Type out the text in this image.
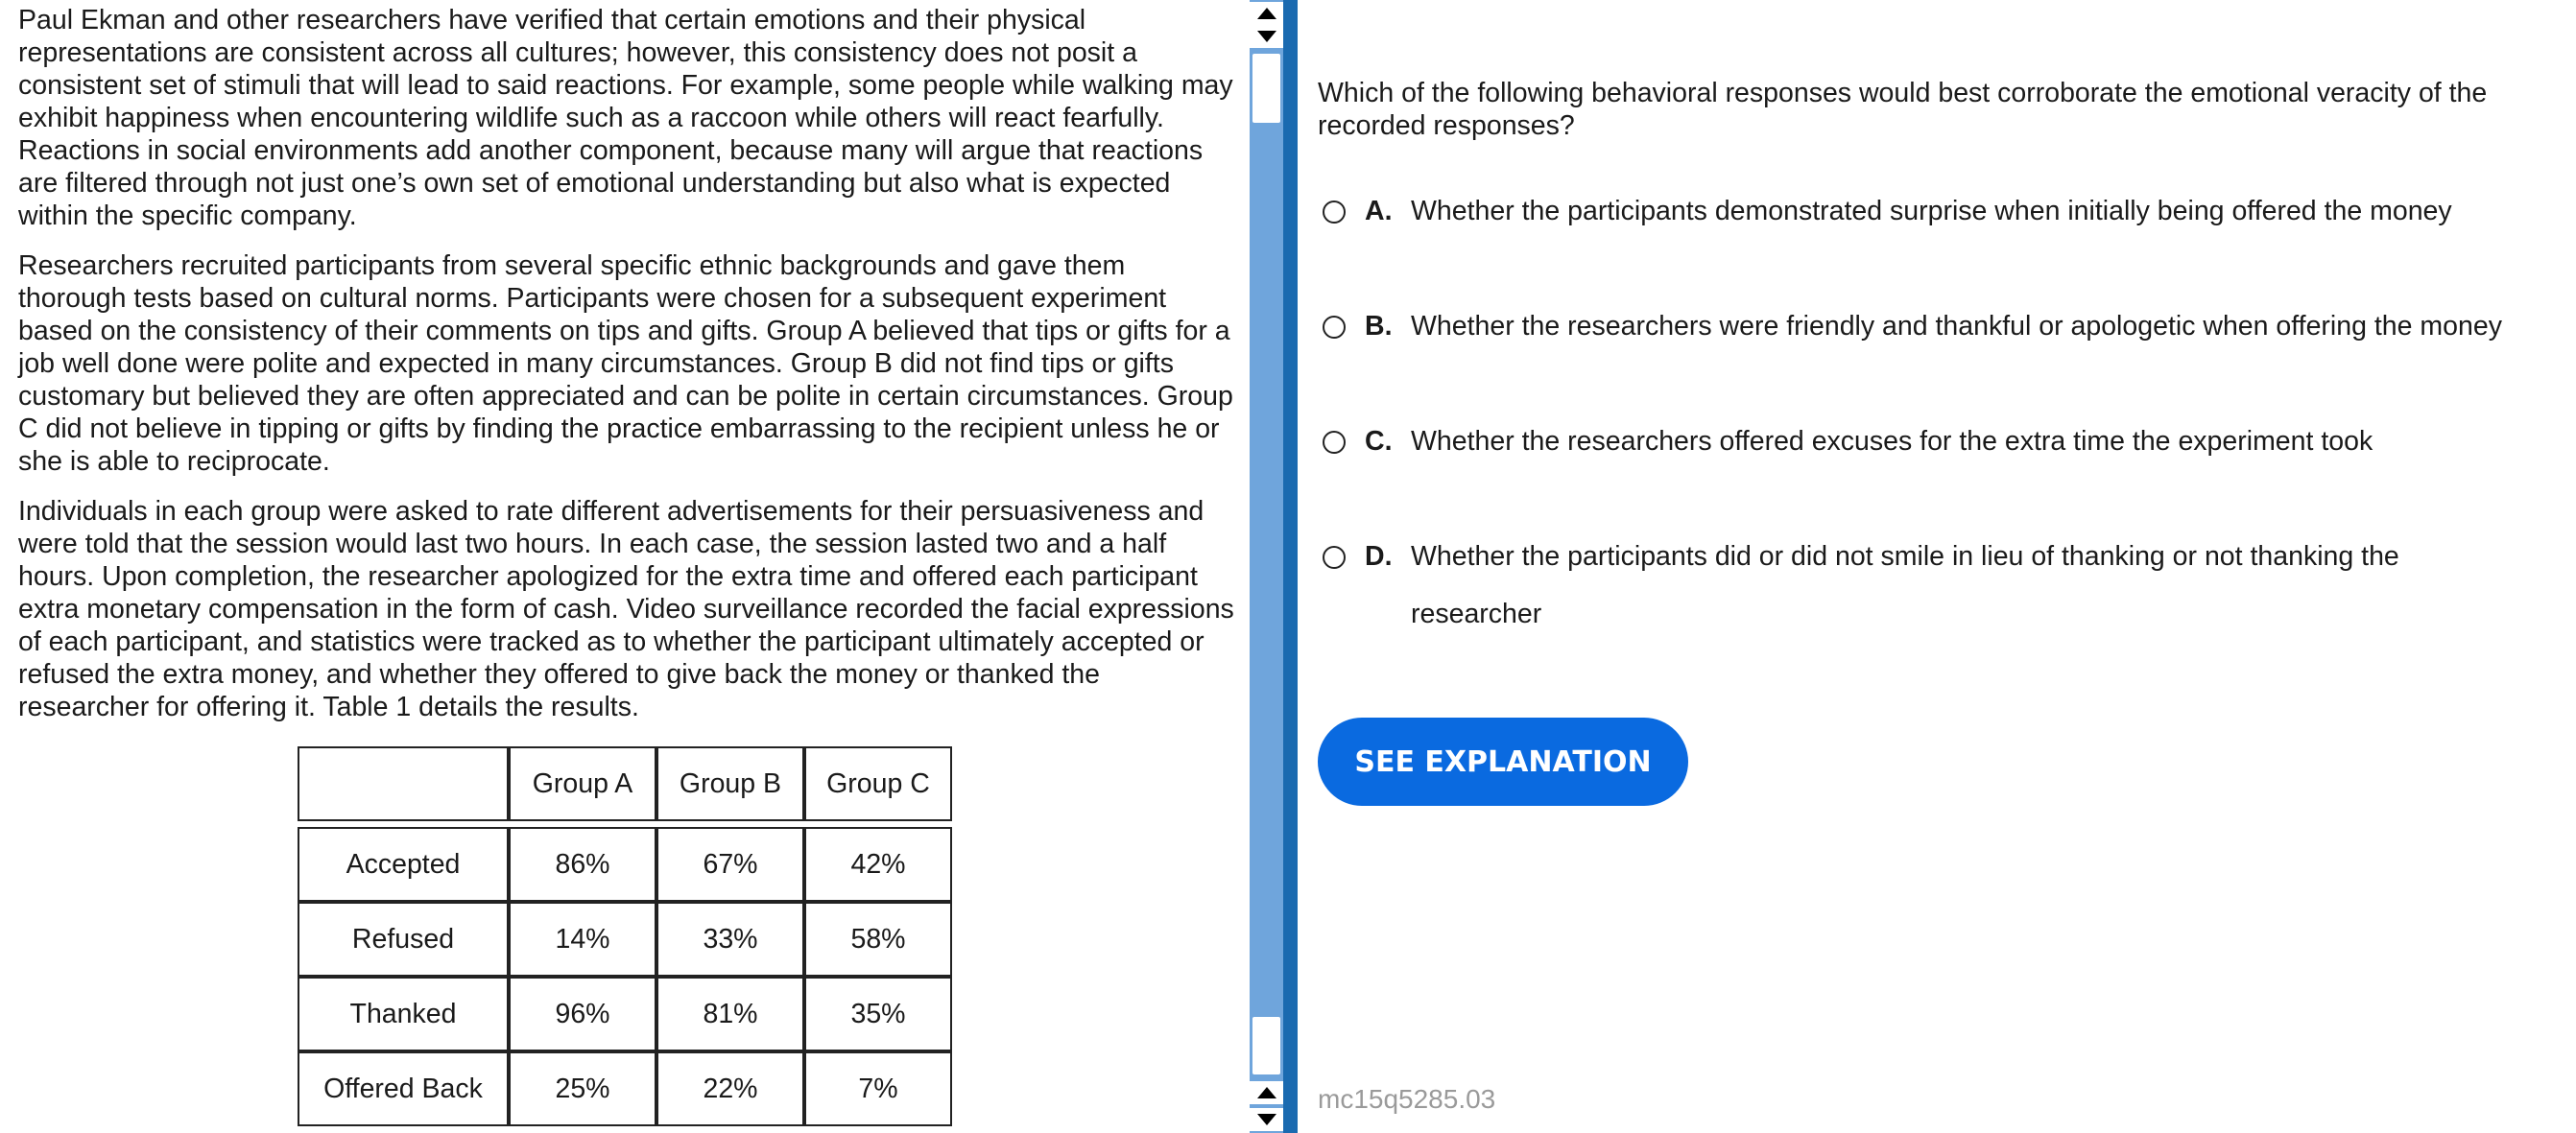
Paul Ekman and other researchers have verified that certain emotions and their physical representations are consistent across all cultures; however, this consistency does not posit a consistent set of stimuli that will lead to said reactions. For example, some people while walking may exhibit happiness when encountering wildlife such as a raccoon while others will react fearfully. Reactions in social environments add another component, because many will argue that reactions are filtered through not just one’s own set of emotional understanding but also what is expected within the specific company.

Researchers recruited participants from several specific ethnic backgrounds and gave them thorough tests based on cultural norms. Participants were chosen for a subsequent experiment based on the consistency of their comments on tips and gifts. Group A believed that tips or gifts for a job well done were polite and expected in many circumstances. Group B did not find tips or gifts customary but believed they are often appreciated and can be polite in certain circumstances. Group C did not believe in tipping or gifts by finding the practice embarrassing to the recipient unless he or she is able to reciprocate.

Individuals in each group were asked to rate different advertisements for their persuasiveness and were told that the session would last two hours. In each case, the session lasted two and a half hours. Upon completion, the researcher apologized for the extra time and offered each participant extra monetary compensation in the form of cash. Video surveillance recorded the facial expressions of each participant, and statistics were tracked as to whether the participant ultimately accepted or refused the extra money, and whether they offered to give back the money or thanked the researcher for offering it. Table 1 details the results.

	Group A	Group B	Group C

Accepted	86%	67%	42%
Refused	14%	33%	58%
Thanked	96%	81%	35%
Offered Back	25%	22%	7%
Which of the following behavioral responses would best corroborate the emotional veracity of the recorded responses?
A. Whether the participants demonstrated surprise when initially being offered the money
B. Whether the researchers were friendly and thankful or apologetic when offering the money
C. Whether the researchers offered excuses for the extra time the experiment took
D. Whether the participants did or did not smile in lieu of thanking or not thanking the researcher
SEE EXPLANATION
mc15q5285.03
